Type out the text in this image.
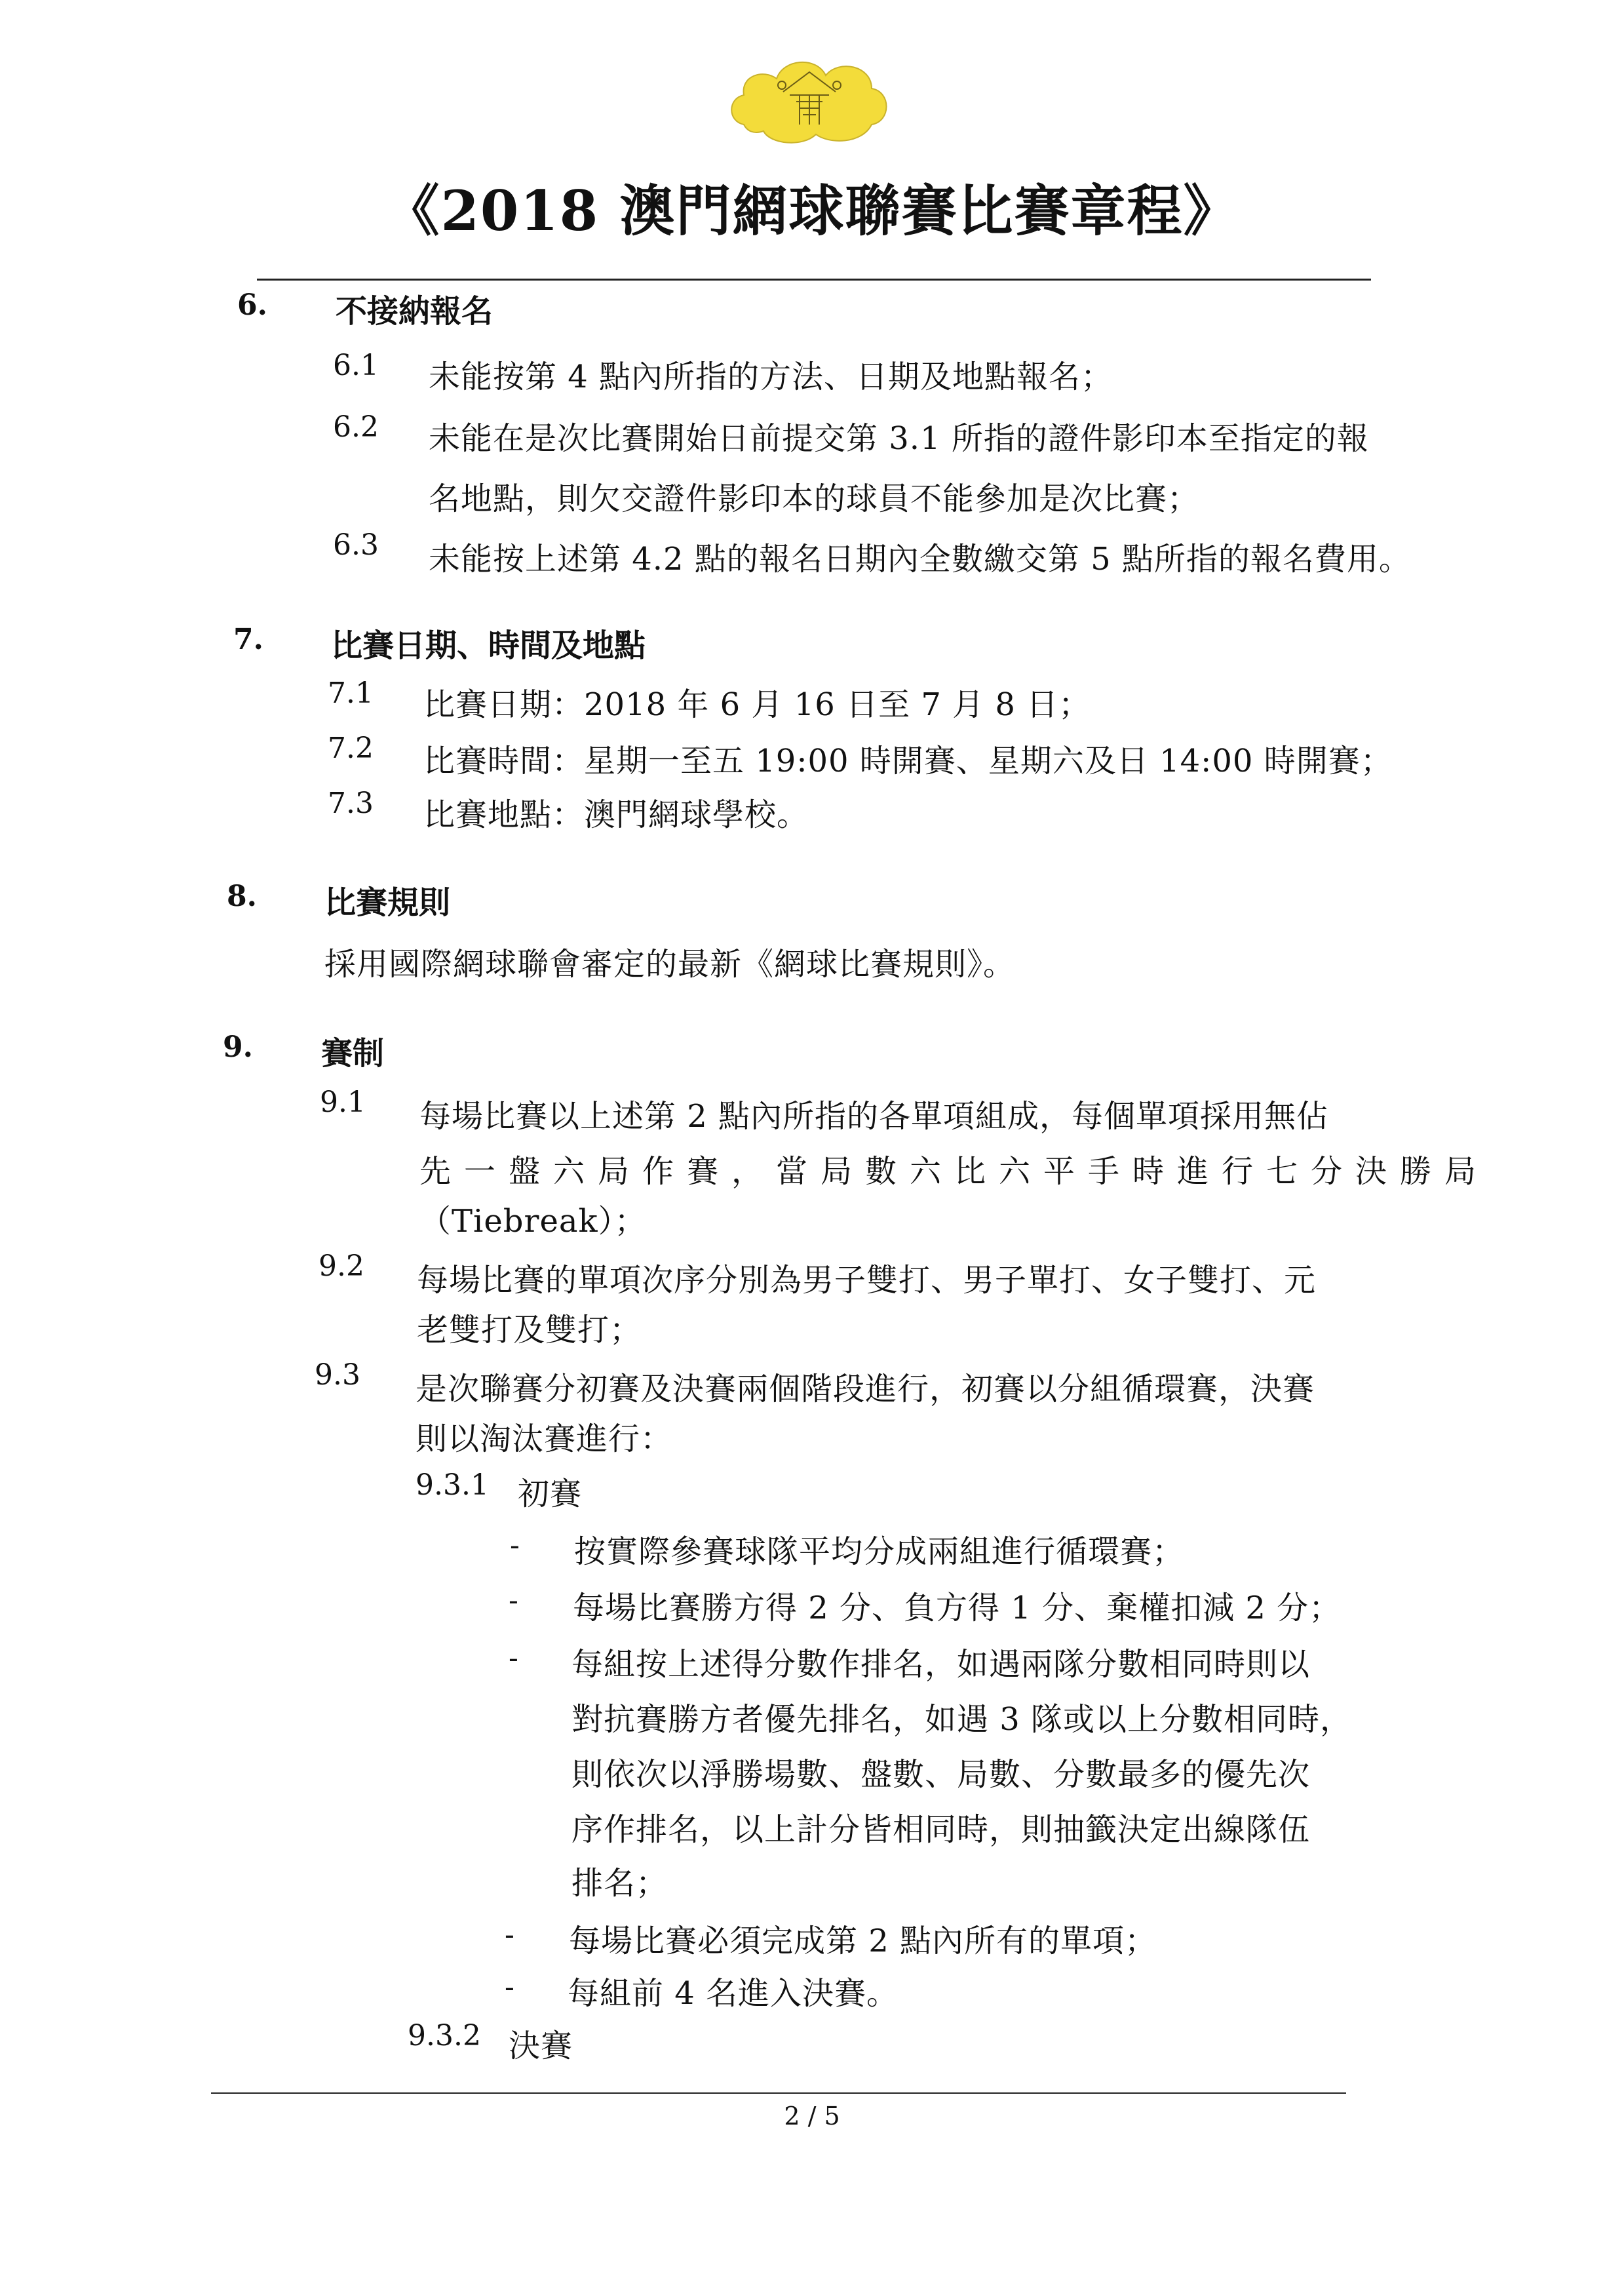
《2018 澳門網球聯賽比賽章程》
6. 不接納報名
6.1 未能按第 4 點內所指的方法、日期及地點報名；
6.2 未能在是次比賽開始日前提交第 3.1 所指的證件影印本至指定的報
名地點，則欠交證件影印本的球員不能參加是次比賽；
6.3 未能按上述第 4.2 點的報名日期內全數繳交第 5 點所指的報名費用。
7. 比賽日期、時間及地點
7.1 比賽日期：2018 年 6 月 16 日至 7 月 8 日；
7.2 比賽時間：星期一至五 19:00 時開賽、星期六及日 14:00 時開賽；
7.3 比賽地點：澳門網球學校。
8. 比賽規則
採用國際網球聯會審定的最新《網球比賽規則》。
9. 賽制
9.1 每場比賽以上述第 2 點內所指的各單項組成，每個單項採用無佔
先一盤六局作賽，當局數六比六平手時進行七分決勝局
（Tiebreak）；
9.2 每場比賽的單項次序分別為男子雙打、男子單打、女子雙打、元
老雙打及雙打；
9.3 是次聯賽分初賽及決賽兩個階段進行，初賽以分組循環賽，決賽
則以淘汰賽進行：
9.3.1 初賽
- 按實際參賽球隊平均分成兩組進行循環賽；
- 每場比賽勝方得 2 分、負方得 1 分、棄權扣減 2 分；
- 每組按上述得分數作排名，如遇兩隊分數相同時則以
對抗賽勝方者優先排名，如遇 3 隊或以上分數相同時，
則依次以淨勝場數、盤數、局數、分數最多的優先次
序作排名，以上計分皆相同時，則抽籤決定出線隊伍
排名；
- 每場比賽必須完成第 2 點內所有的單項；
- 每組前 4 名進入決賽。
9.3.2 決賽
2 / 5
